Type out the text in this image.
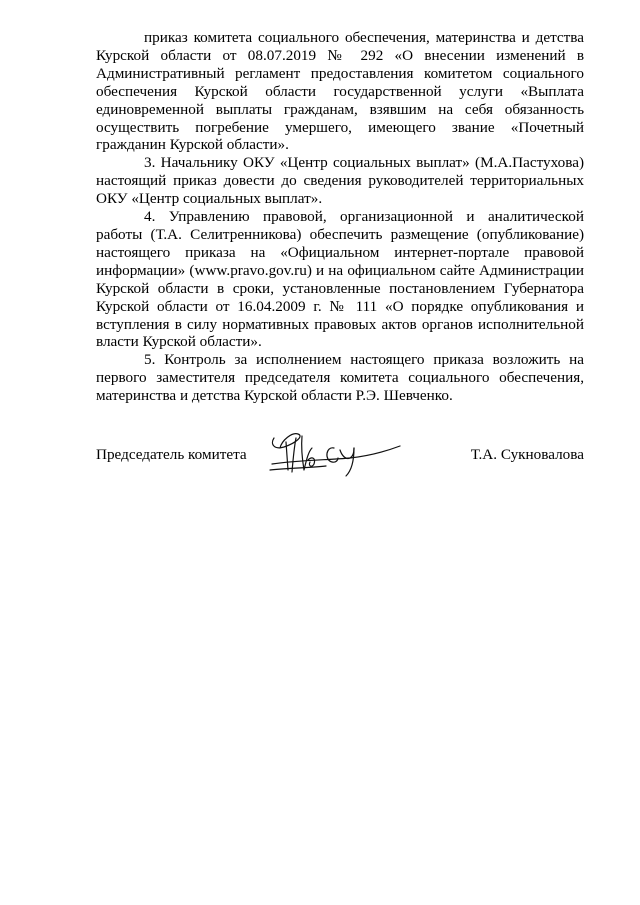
приказ комитета социального обеспечения, материнства и детства Курской области от 08.07.2019 № 292 «О внесении изменений в Административный регламент предоставления комитетом социального обеспечения Курской области государственной услуги «Выплата единовременной выплаты гражданам, взявшим на себя обязанность осуществить погребение умершего, имеющего звание «Почетный гражданин Курской области».

3. Начальнику ОКУ «Центр социальных выплат» (М.А.Пастухова) настоящий приказ довести до сведения руководителей территориальных ОКУ «Центр социальных выплат».

4. Управлению правовой, организационной и аналитической работы (Т.А. Селитренникова) обеспечить размещение (опубликование) настоящего приказа на «Официальном интернет-портале правовой информации» (www.pravo.gov.ru) и на официальном сайте Администрации Курской области в сроки, установленные постановлением Губернатора Курской области от 16.04.2009 г. № 111 «О порядке опубликования и вступления в силу нормативных правовых актов органов исполнительной власти Курской области».

5. Контроль за исполнением настоящего приказа возложить на первого заместителя председателя комитета социального обеспечения, материнства и детства Курской области Р.Э. Шевченко.

Председатель комитета	Т.А. Сукновалова
